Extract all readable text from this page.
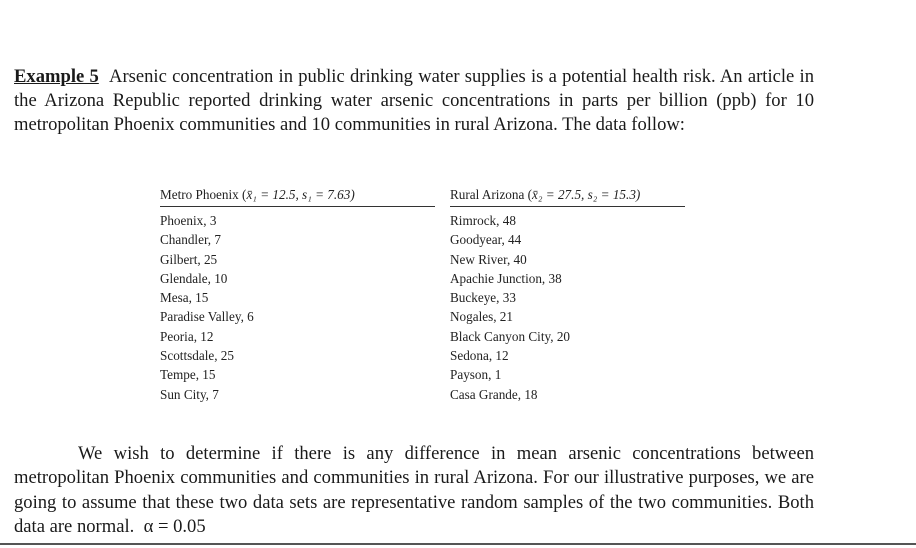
Example 5 Arsenic concentration in public drinking water supplies is a potential health risk. An article in the Arizona Republic reported drinking water arsenic concentrations in parts per billion (ppb) for 10 metropolitan Phoenix communities and 10 communities in rural Arizona. The data follow:

Metro Phoenix (x̄₁ = 12.5, s₁ = 7.63)
Phoenix, 3
Chandler, 7
Gilbert, 25
Glendale, 10
Mesa, 15
Paradise Valley, 6
Peoria, 12
Scottsdale, 25
Tempe, 15
Sun City, 7
Rural Arizona (x̄₂ = 27.5, s₂ = 15.3)
Rimrock, 48
Goodyear, 44
New River, 40
Apachie Junction, 38
Buckeye, 33
Nogales, 21
Black Canyon City, 20
Sedona, 12
Payson, 1
Casa Grande, 18

We wish to determine if there is any difference in mean arsenic concentrations between metropolitan Phoenix communities and communities in rural Arizona. For our illustrative purposes, we are going to assume that these two data sets are representative random samples of the two communities. Both data are normal. α = 0.05
